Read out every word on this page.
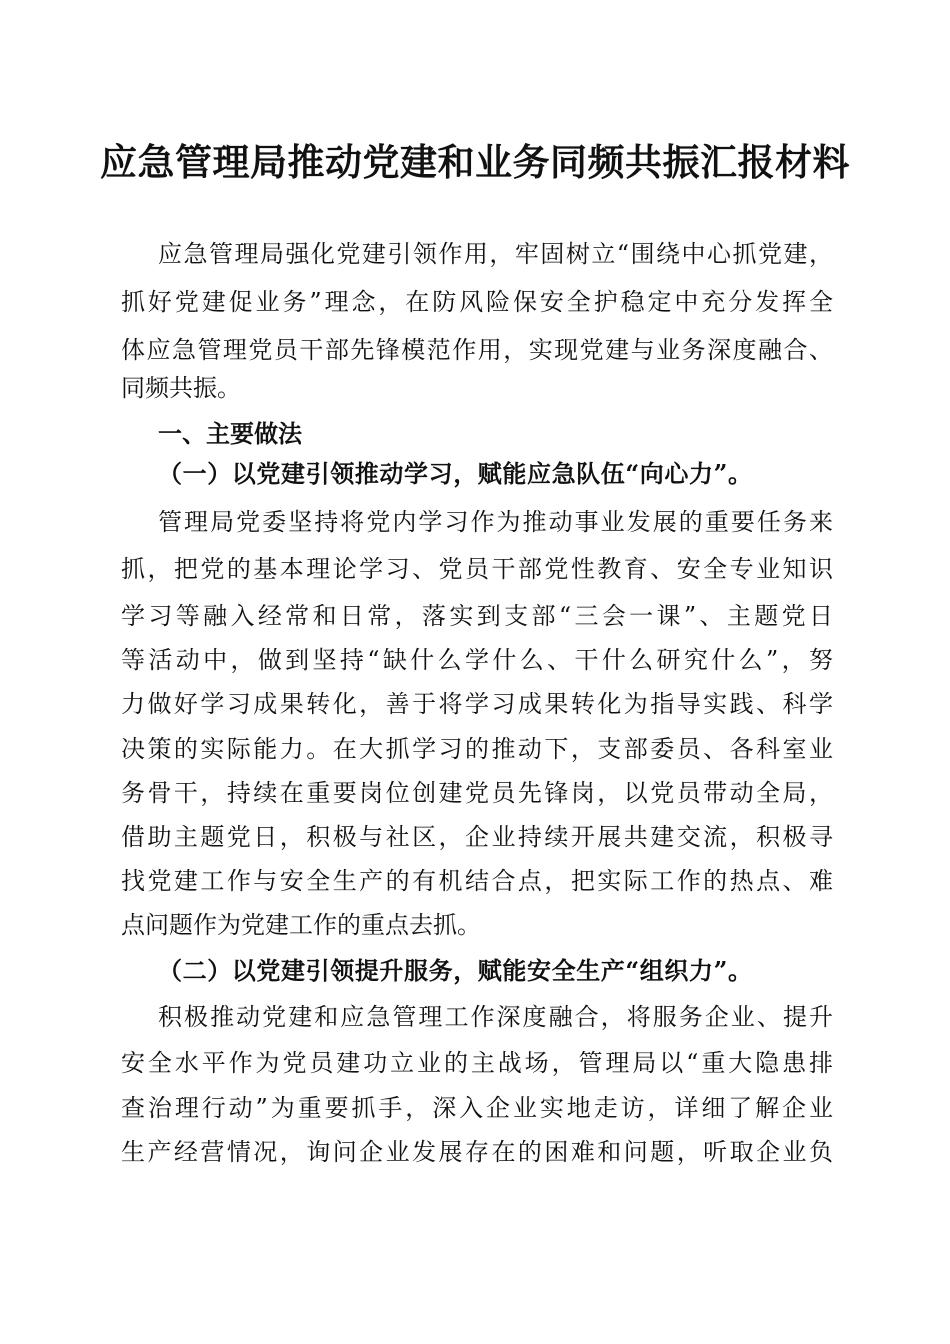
应急管理局推动党建和业务同频共振汇报材料
应急管理局强化党建引领作用，牢固树立“围绕中心抓党建，
抓好党建促业务”理念，在防风险保安全护稳定中充分发挥全
体应急管理党员干部先锋模范作用，实现党建与业务深度融合、
同频共振。
一、主要做法
（一）以党建引领推动学习，赋能应急队伍“向心力”。
管理局党委坚持将党内学习作为推动事业发展的重要任务来
抓，把党的基本理论学习、党员干部党性教育、安全专业知识
学习等融入经常和日常，落实到支部“三会一课”、主题党日
等活动中，做到坚持“缺什么学什么、干什么研究什么”，努
力做好学习成果转化，善于将学习成果转化为指导实践、科学
决策的实际能力。在大抓学习的推动下，支部委员、各科室业
务骨干，持续在重要岗位创建党员先锋岗，以党员带动全局，
借助主题党日，积极与社区，企业持续开展共建交流，积极寻
找党建工作与安全生产的有机结合点，把实际工作的热点、难
点问题作为党建工作的重点去抓。
（二）以党建引领提升服务，赋能安全生产“组织力”。
积极推动党建和应急管理工作深度融合，将服务企业、提升
安全水平作为党员建功立业的主战场，管理局以“重大隐患排
查治理行动”为重要抓手，深入企业实地走访，详细了解企业
生产经营情况，询问企业发展存在的困难和问题，听取企业负
